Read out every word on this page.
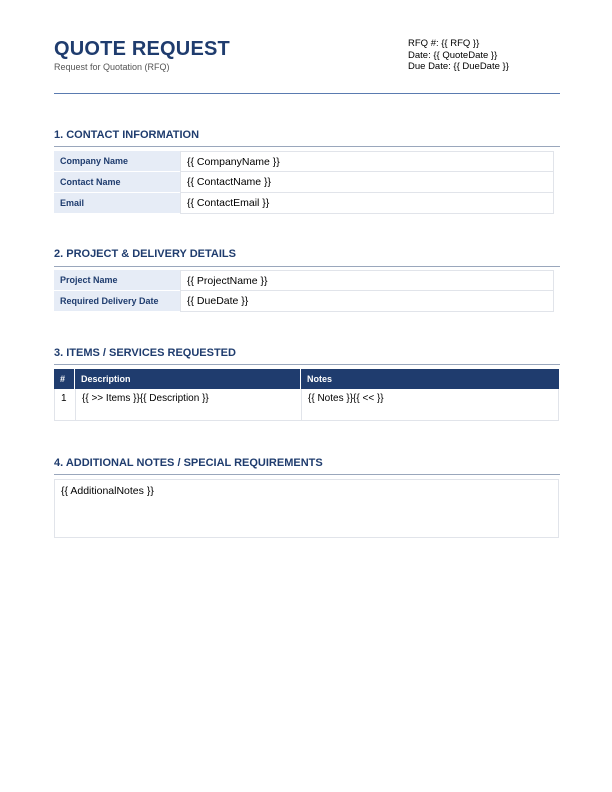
QUOTE REQUEST
Request for Quotation (RFQ)
RFQ #: {{ RFQ }}
Date: {{ QuoteDate }}
Due Date: {{ DueDate }}
1. CONTACT INFORMATION
Company Name	{{ CompanyName }}
Contact Name	{{ ContactName }}
Email	{{ ContactEmail }}
2. PROJECT & DELIVERY DETAILS
Project Name	{{ ProjectName }}
Required Delivery Date	{{ DueDate }}
3. ITEMS / SERVICES REQUESTED
#	Description	Notes
1	{{ >> Items }}{{ Description }}	{{ Notes }}{{ << }}
4. ADDITIONAL NOTES / SPECIAL REQUIREMENTS
{{ AdditionalNotes }}
